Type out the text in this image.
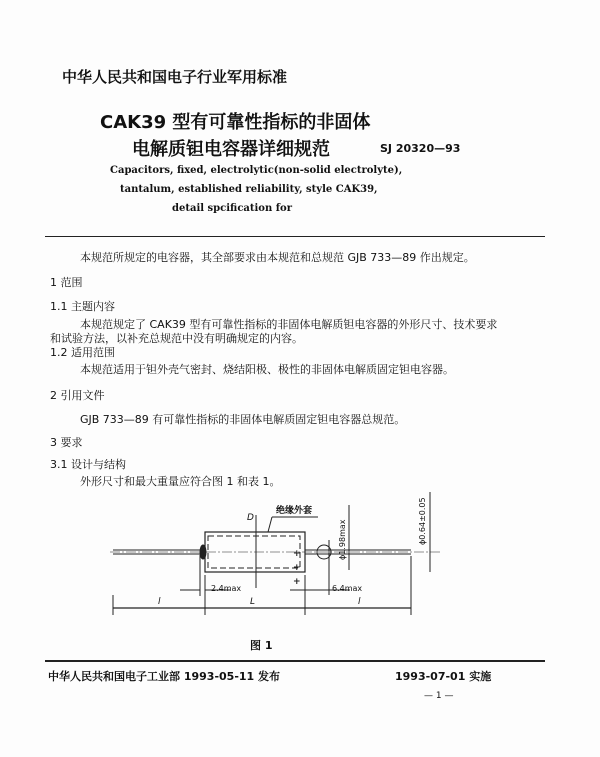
中华人民共和国电子行业军用标准
CAK39 型有可靠性指标的非固体
电解质钽电容器详细规范	SJ 20320—93
Capacitors, fixed, electrolytic(non-solid electrolyte),
tantalum, established reliability, style CAK39,
detail spcification for
本规范所规定的电容器，其全部要求由本规范和总规范 GJB 733—89 作出规定。
1 范围
1.1 主题内容
本规范规定了 CAK39 型有可靠性指标的非固体电解质钽电容器的外形尺寸、技术要求
和试验方法，以补充总规范中没有明确规定的内容。
1.2 适用范围
本规范适用于钽外壳气密封、烧结阳极、极性的非固体电解质固定钽电容器。
2 引用文件
GJB 733—89 有可靠性指标的非固体电解质固定钽电容器总规范。
3 要求
3.1 设计与结构
外形尺寸和最大重量应符合图 1 和表 1。
+
+
+
绝缘外套
D
ϕ1.98max	ϕ0.64±0.05
2.4max	6.4max
l	L	l
图 1
中华人民共和国电子工业部 1993-05-11 发布	1993-07-01 实施
— 1 —
